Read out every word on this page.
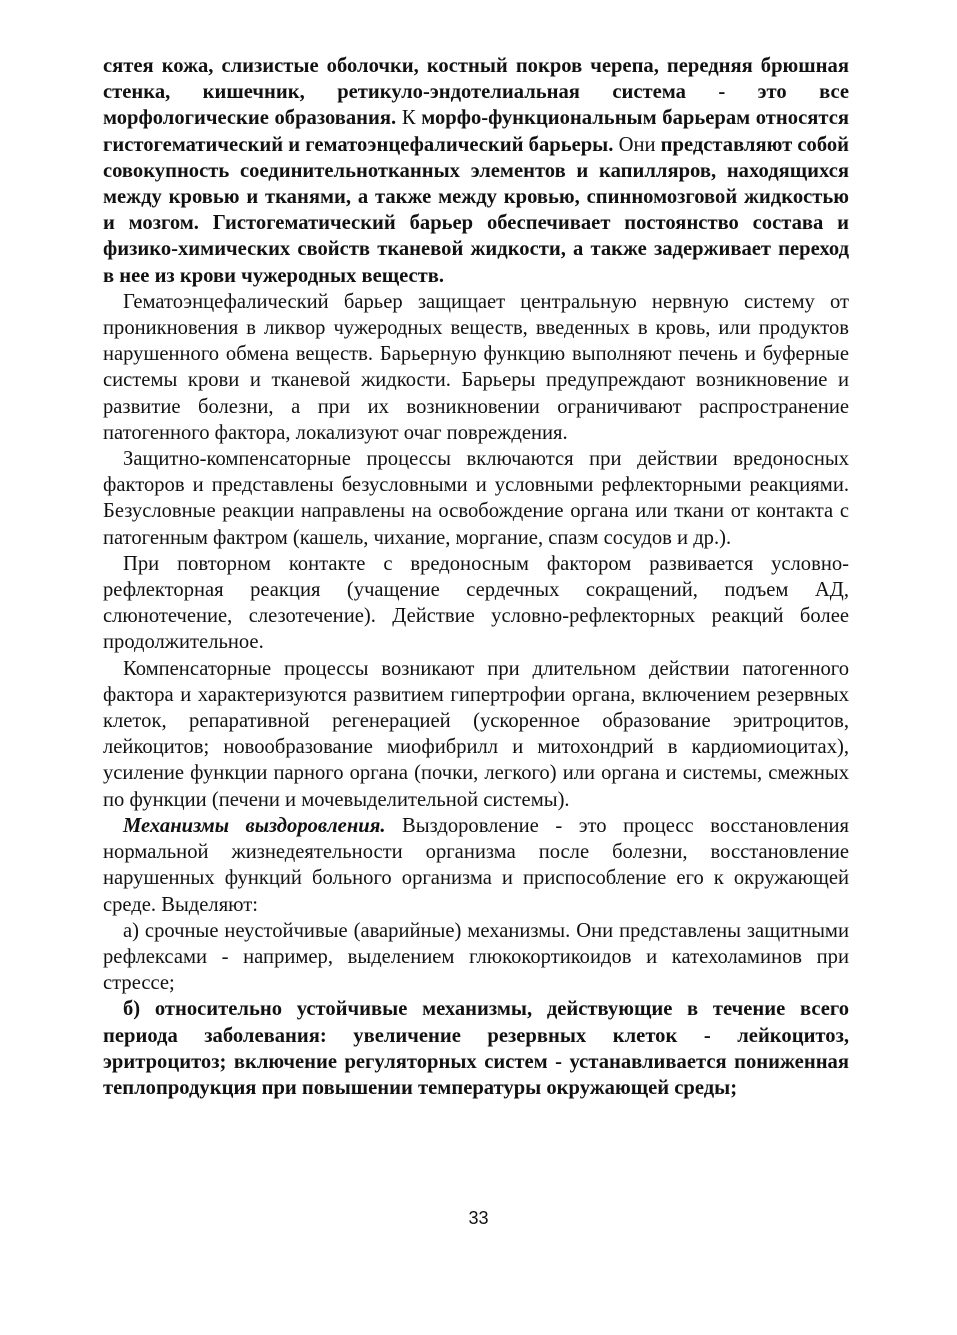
сятея кожа, слизистые оболочки, костный покров черепа, передняя брюшная стенка, кишечник, ретикуло-эндотелиальная система - это все морфологические образования. К морфо-функциональным барьерам относятся гистогематический и гематоэнцефалический барьеры. Они представляют собой совокупность соединительнотканных элементов и капилляров, находящихся между кровью и тканями, а также между кровью, спинномозговой жидкостью и мозгом. Гистогематический барьер обеспечивает постоянство состава и физико-химических свойств тканевой жидкости, а также задерживает переход в нее из крови чужеродных веществ.

Гематоэнцефалический барьер защищает центральную нервную систему от проникновения в ликвор чужеродных веществ, введенных в кровь, или продуктов нарушенного обмена веществ. Барьерную функцию выполняют печень и буферные системы крови и тканевой жидкости. Барьеры предупреждают возникновение и развитие болезни, а при их возникновении ограничивают распространение патогенного фактора, локализуют очаг повреждения.

Защитно-компенсаторные процессы включаются при действии вредоносных факторов и представлены безусловными и условными рефлекторными реакциями. Безусловные реакции направлены на освобождение органа или ткани от контакта с патогенным фактром (кашель, чихание, моргание, спазм сосудов и др.).

При повторном контакте с вредоносным фактором развивается условно-рефлекторная реакция (учащение сердечных сокращений, подъем АД, слюнотечение, слезотечение). Действие условно-рефлекторных реакций более продолжительное.

Компенсаторные процессы возникают при длительном действии патогенного фактора и характеризуются развитием гипертрофии органа, включением резервных клеток, репаративной регенерацией (ускоренное образование эритроцитов, лейкоцитов; новообразование миофибрилл и митохондрий в кардиомиоцитах), усиление функции парного органа (почки, легкого) или органа и системы, смежных по функции (печени и мочевыделительной системы).

Механизмы выздоровления. Выздоровление - это процесс восстановления нормальной жизнедеятельности организма после болезни, восстановление нарушенных функций больного организма и приспособление его к окружающей среде. Выделяют:

а) срочные неустойчивые (аварийные) механизмы. Они представлены защитными рефлексами - например, выделением глюкокортикоидов и катехоламинов при стрессе;

б) относительно устойчивые механизмы, действующие в течение всего периода заболевания: увеличение резервных клеток - лейкоцитоз, эритроцитоз; включение регуляторных систем - устанавливается пониженная теплопродукция при повышении температуры окружающей среды;

33
